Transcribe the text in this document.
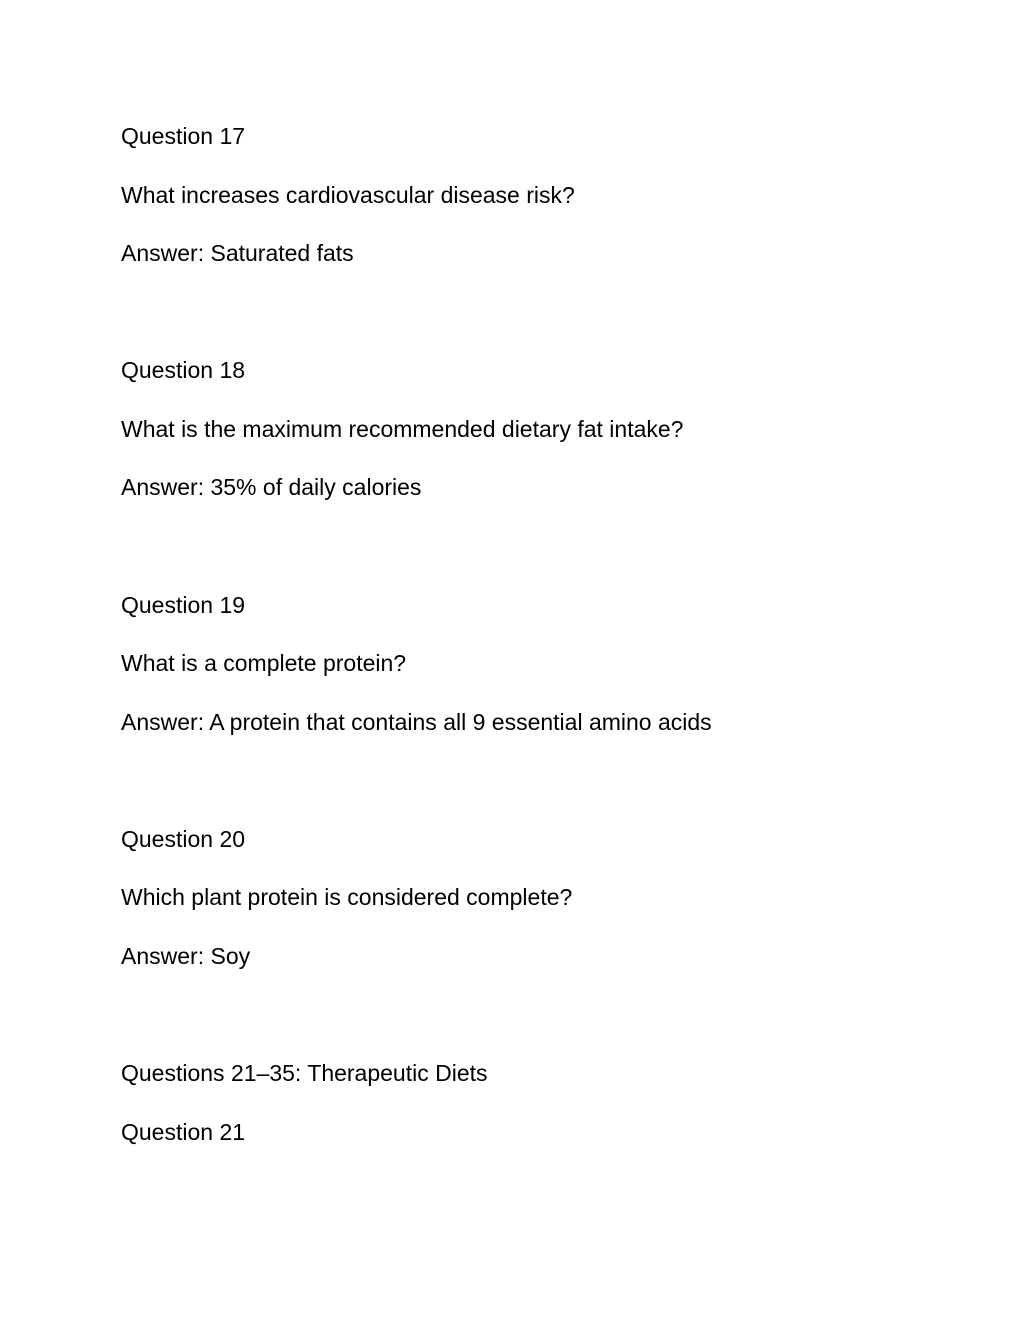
Question 17
What increases cardiovascular disease risk?
Answer: Saturated fats
Question 18
What is the maximum recommended dietary fat intake?
Answer: 35% of daily calories
Question 19
What is a complete protein?
Answer: A protein that contains all 9 essential amino acids
Question 20
Which plant protein is considered complete?
Answer: Soy
Questions 21–35: Therapeutic Diets
Question 21
